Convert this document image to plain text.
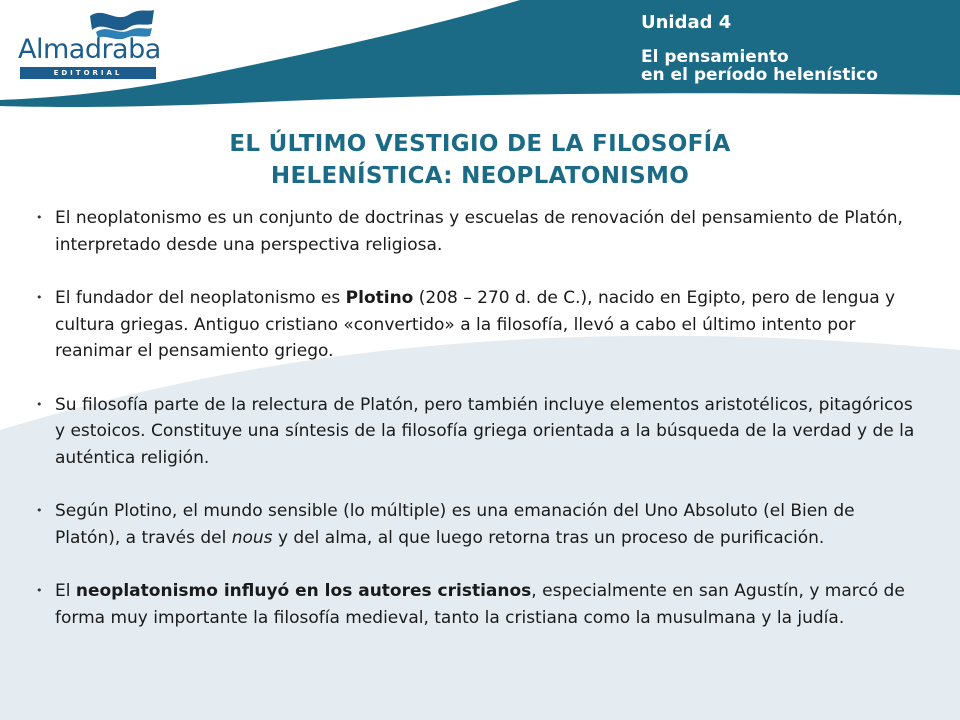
Almadraba
EDITORIAL
Unidad 4
El pensamiento
en el período helenístico
EL ÚLTIMO VESTIGIO DE LA FILOSOFÍA
HELENÍSTICA: NEOPLATONISMO
• El neoplatonismo es un conjunto de doctrinas y escuelas de renovación del pensamiento de Platón, interpretado desde una perspectiva religiosa.
• El fundador del neoplatonismo es Plotino (208 – 270 d. de C.), nacido en Egipto, pero de lengua y cultura griegas. Antiguo cristiano «convertido» a la filosofía, llevó a cabo el último intento por reanimar el pensamiento griego.
• Su filosofía parte de la relectura de Platón, pero también incluye elementos aristotélicos, pitagóricos y estoicos. Constituye una síntesis de la filosofía griega orientada a la búsqueda de la verdad y de la auténtica religión.
• Según Plotino, el mundo sensible (lo múltiple) es una emanación del Uno Absoluto (el Bien de Platón), a través del nous y del alma, al que luego retorna tras un proceso de purificación.
• El neoplatonismo influyó en los autores cristianos, especialmente en san Agustín, y marcó de forma muy importante la filosofía medieval, tanto la cristiana como la musulmana y la judía.
